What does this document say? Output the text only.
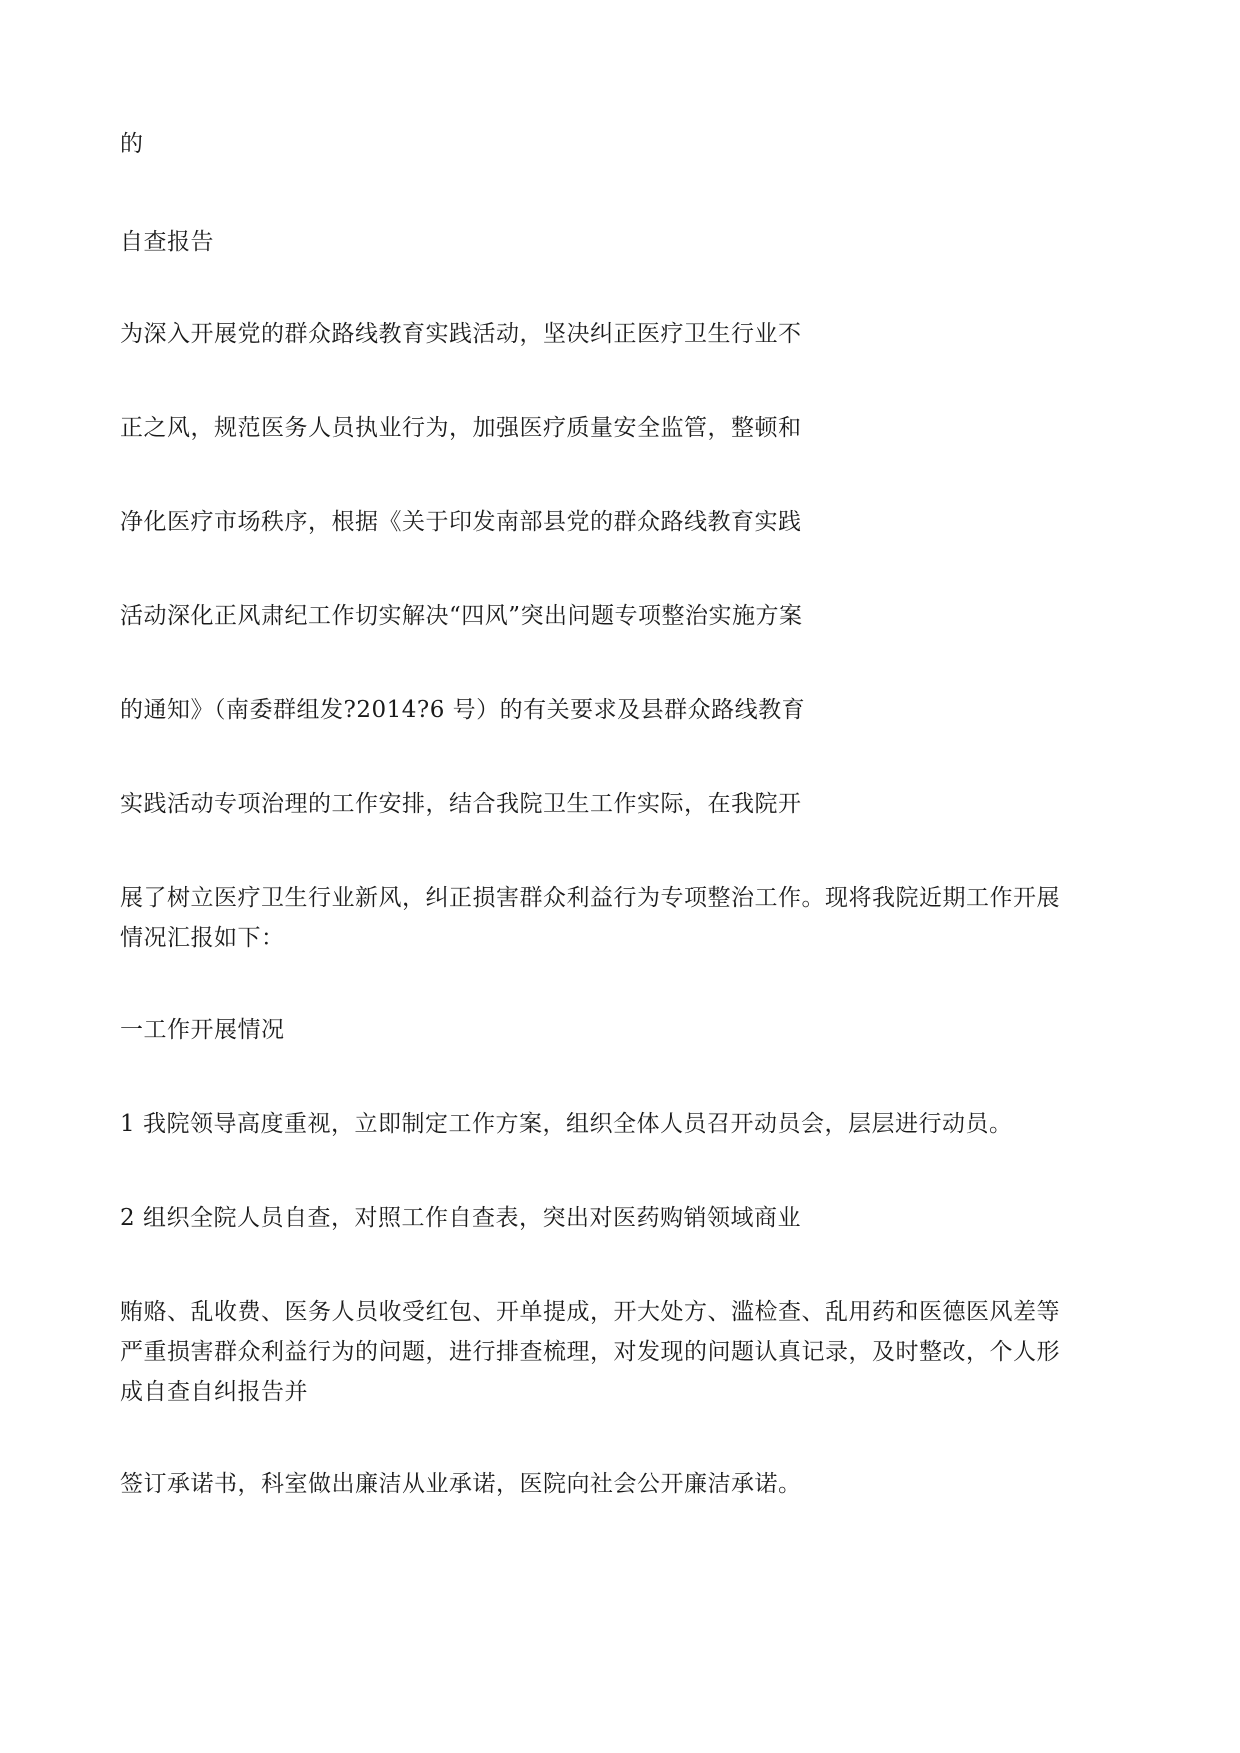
的

自查报告

为深入开展党的群众路线教育实践活动，坚决纠正医疗卫生行业不

正之风，规范医务人员执业行为，加强医疗质量安全监管，整顿和

净化医疗市场秩序，根据《关于印发南部县党的群众路线教育实践

活动深化正风肃纪工作切实解决“四风”突出问题专项整治实施方案

的通知》（南委群组发?2014?6 号）的有关要求及县群众路线教育

实践活动专项治理的工作安排，结合我院卫生工作实际，在我院开

展了树立医疗卫生行业新风，纠正损害群众利益行为专项整治工作。现将我院近期工作开展

情况汇报如下：

一工作开展情况

1 我院领导高度重视，立即制定工作方案，组织全体人员召开动员会，层层进行动员。

2 组织全院人员自查，对照工作自查表，突出对医药购销领域商业

贿赂、乱收费、医务人员收受红包、开单提成，开大处方、滥检查、乱用药和医德医风差等

严重损害群众利益行为的问题，进行排查梳理，对发现的问题认真记录，及时整改，个人形

成自查自纠报告并

签订承诺书，科室做出廉洁从业承诺，医院向社会公开廉洁承诺。
